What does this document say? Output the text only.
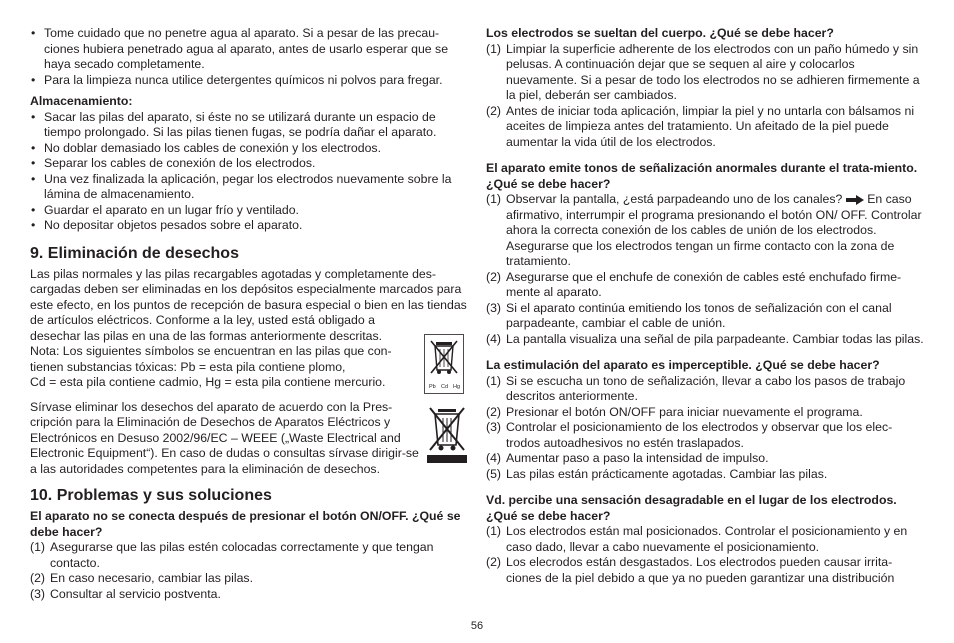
• Tome cuidado que no penetre agua al aparato. Si a pesar de las precau-ciones hubiera penetrado agua al aparato, antes de usarlo esperar que se haya secado completamente.
• Para la limpieza nunca utilice detergentes químicos ni polvos para fregar.
Almacenamiento:
• Sacar las pilas del aparato, si éste no se utilizará durante un espacio de tiempo prolongado. Si las pilas tienen fugas, se podría dañar el aparato.
• No doblar demasiado los cables de conexión y los electrodos.
• Separar los cables de conexión de los electrodos.
• Una vez finalizada la aplicación, pegar los electrodos nuevamente sobre la lámina de almacenamiento.
• Guardar el aparato en un lugar frío y ventilado.
• No depositar objetos pesados sobre el aparato.
9. Eliminación de desechos

Las pilas normales y las pilas recargables agotadas y completamente des-cargadas deben ser eliminadas en los depósitos especialmente marcados para este efecto, en los puntos de recepción de basura especial o bien en las tiendas de artículos eléctricos. Conforme a la ley, usted está obligado a

desechar las pilas en una de las formas anteriormente descritas.

Nota: Los siguientes símbolos se encuentran en las pilas que con-tienen substancias tóxicas: Pb = esta pila contiene plomo,

Cd = esta pila contiene cadmio, Hg = esta pila contiene mercurio.

Sírvase eliminar los desechos del aparato de acuerdo con la Pres-cripción para la Eliminación de Desechos de Aparatos Eléctricos y Electrónicos en Desuso 2002/96/EC – WEEE („Waste Electrical and Electronic Equipment“). En caso de dudas o consultas sírvase dirigir-se a las autoridades competentes para la eliminación de desechos.

10. Problemas y sus soluciones
El aparato no se conecta después de presionar el botón ON/OFF. ¿Qué se debe hacer?
(1) Asegurarse que las pilas estén colocadas correctamente y que tengan contacto.
(2) En caso necesario, cambiar las pilas.
(3) Consultar al servicio postventa.
Pb Cd Hg
Los electrodos se sueltan del cuerpo. ¿Qué se debe hacer?
(1) Limpiar la superficie adherente de los electrodos con un paño húmedo y sin pelusas. A continuación dejar que se sequen al aire y colocarlos nuevamente. Si a pesar de todo los electrodos no se adhieren firmemente a la piel, deberán ser cambiados.
(2) Antes de iniciar toda aplicación, limpiar la piel y no untarla con bálsamos ni aceites de limpieza antes del tratamiento. Un afeitado de la piel puede aumentar la vida útil de los electrodos.
El aparato emite tonos de señalización anormales durante el trata-miento. ¿Qué se debe hacer?
(1) Observar la pantalla, ¿está parpadeando uno de los canales? En caso afirmativo, interrumpir el programa presionando el botón ON/ OFF. Controlar ahora la correcta conexión de los cables de unión de los electrodos. Asegurarse que los electrodos tengan un firme contacto con la zona de tratamiento.
(2) Asegurarse que el enchufe de conexión de cables esté enchufado firme-mente al aparato.
(3) Si el aparato continúa emitiendo los tonos de señalización con el canal parpadeante, cambiar el cable de unión.
(4) La pantalla visualiza una señal de pila parpadeante. Cambiar todas las pilas.
La estimulación del aparato es imperceptible. ¿Qué se debe hacer?
(1) Si se escucha un tono de señalización, llevar a cabo los pasos de trabajo descritos anteriormente.
(2) Presionar el botón ON/OFF para iniciar nuevamente el programa.
(3) Controlar el posicionamiento de los electrodos y observar que los elec-trodos autoadhesivos no estén traslapados.
(4) Aumentar paso a paso la intensidad de impulso.
(5) Las pilas están prácticamente agotadas. Cambiar las pilas.
Vd. percibe una sensación desagradable en el lugar de los electrodos. ¿Qué se debe hacer?
(1) Los electrodos están mal posicionados. Controlar el posicionamiento y en caso dado, llevar a cabo nuevamente el posicionamiento.
(2) Los elecrodos están desgastados. Los electrodos pueden causar irrita-ciones de la piel debido a que ya no pueden garantizar una distribución
56
